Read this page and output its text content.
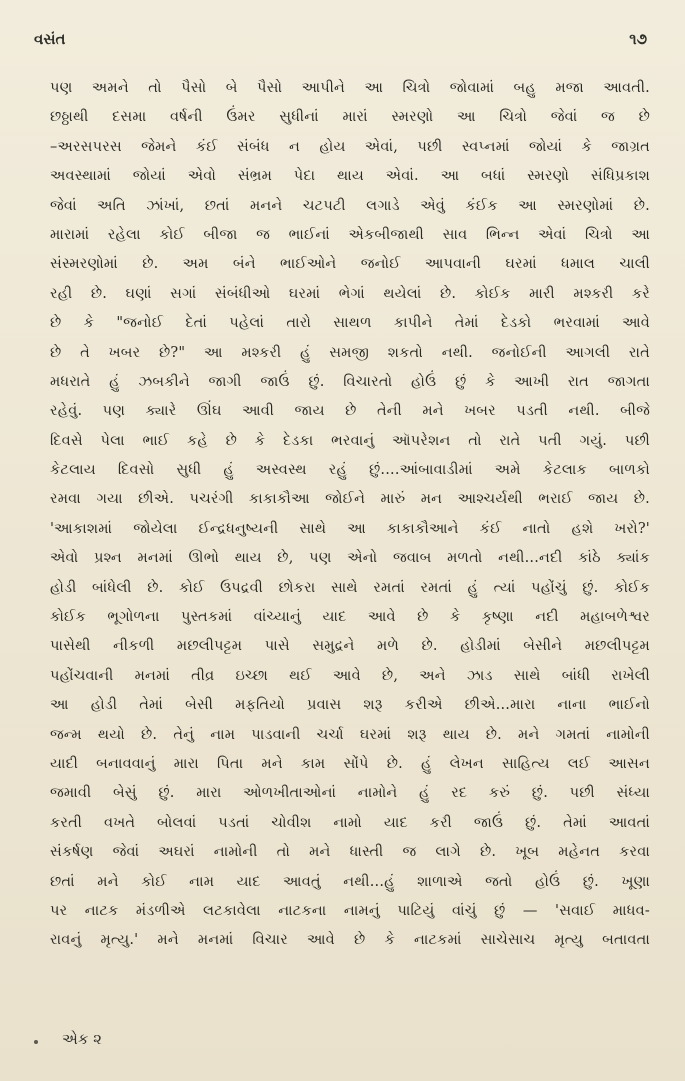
વસંત	૧૭
પણ અમને તો પૈસો બે પૈસો આપીને આ ચિત્રો જોવામાં બહુ મજા આવતી.
છઠ્ઠાથી દસમા વર્ષની ઉંમર સુધીનાં મારાં સ્મરણો આ ચિત્રો જેવાં જ છે
–અરસપરસ જેમને કંઈ સંબંધ ન હોય એવાં, પછી સ્વપ્નમાં જોયાં કે જાગ્રત
અવસ્થામાં જોયાં એવો સંભ્રમ પેદા થાય એવાં. આ બધાં સ્મરણો સંધિપ્રકાશ
જેવાં અતિ ઝાંખાં, છતાં મનને ચટપટી લગાડે એવું કંઈક આ સ્મરણોમાં છે.
મારામાં રહેલા કોઈ બીજા જ ભાઈનાં એકબીજાથી સાવ ભિન્ન એવાં ચિત્રો આ
સંસ્મરણોમાં છે. અમ બંને ભાઈઓને જનોઈ આપવાની ઘરમાં ધમાલ ચાલી
રહી છે. ઘણાં સગાં સંબંધીઓ ઘરમાં ભેગાં થયેલાં છે. કોઈક મારી મશ્કરી કરે
છે કે "જનોઈ દેતાં પહેલાં તારો સાથળ કાપીને તેમાં દેડકો ભરવામાં આવે
છે તે ખબર છે?" આ મશ્કરી હું સમજી શકતો નથી. જનોઈની આગલી રાતે
મધરાતે હું ઝબકીને જાગી જાઉં છું. વિચારતો હોઉં છું કે આખી રાત જાગતા
રહેવું. પણ ક્યારે ઊંઘ આવી જાય છે તેની મને ખબર પડતી નથી. બીજે
દિવસે પેલા ભાઈ કહે છે કે દેડકા ભરવાનું ઑપરેશન તો રાતે પતી ગયું. પછી
કેટલાય દિવસો સુધી હું અસ્વસ્થ રહું છું....આંબાવાડીમાં અમે કેટલાક બાળકો
રમવા ગયા છીએ. પચરંગી કાકાકૌઆ જોઈને મારું મન આશ્ચર્યથી ભરાઈ જાય છે.
'આકાશમાં જોયેલા ઈન્દ્રધનુષ્યની સાથે આ કાકાકૌઆને કંઈ નાતો હશે ખરો?'
એવો પ્રશ્ન મનમાં ઊભો થાય છે, પણ એનો જવાબ મળતો નથી...નદી કાંઠે ક્યાંક
હોડી બાંધેલી છે. કોઈ ઉપદ્રવી છોકરા સાથે રમતાં રમતાં હું ત્યાં પહોંચું છું. કોઈક
કોઈક ભૂગોળના પુસ્તકમાં વાંચ્યાનું યાદ આવે છે કે કૃષ્ણા નદી મહાબળેશ્વર
પાસેથી નીકળી મછલીપટ્ટમ પાસે સમુદ્રને મળે છે. હોડીમાં બેસીને મછલીપટ્ટમ
પહોંચવાની મનમાં તીવ્ર ઇચ્છા થઈ આવે છે, અને ઝાડ સાથે બાંધી રાખેલી
આ હોડી તેમાં બેસી મફતિયો પ્રવાસ શરૂ કરીએ છીએ...મારા નાના ભાઈનો
જન્મ થયો છે. તેનું નામ પાડવાની ચર્ચા ઘરમાં શરૂ થાય છે. મને ગમતાં નામોની
યાદી બનાવવાનું મારા પિતા મને કામ સોંપે છે. હું લેખન સાહિત્ય લઈ આસન
જમાવી બેસું છું. મારા ઓળખીતાઓનાં નામોને હું રદ કરું છું. પછી સંધ્યા
કરતી વખતે બોલવાં પડતાં ચોવીશ નામો યાદ કરી જાઉં છું. તેમાં આવતાં
સંકર્ષણ જેવાં અઘરાં નામોની તો મને ધાસ્તી જ લાગે છે. ખૂબ મહેનત કરવા
છતાં મને કોઈ નામ યાદ આવતું નથી...હું શાળાએ જતો હોઉં છું. ખૂણા
પર નાટક મંડળીએ લટકાવેલા નાટકના નામનું પાટિયું વાંચું છું — 'સવાઈ માધવ-
રાવનું મૃત્યુ.' મને મનમાં વિચાર આવે છે કે નાટકમાં સાચેસાચ મૃત્યુ બતાવતા
એક ૨
